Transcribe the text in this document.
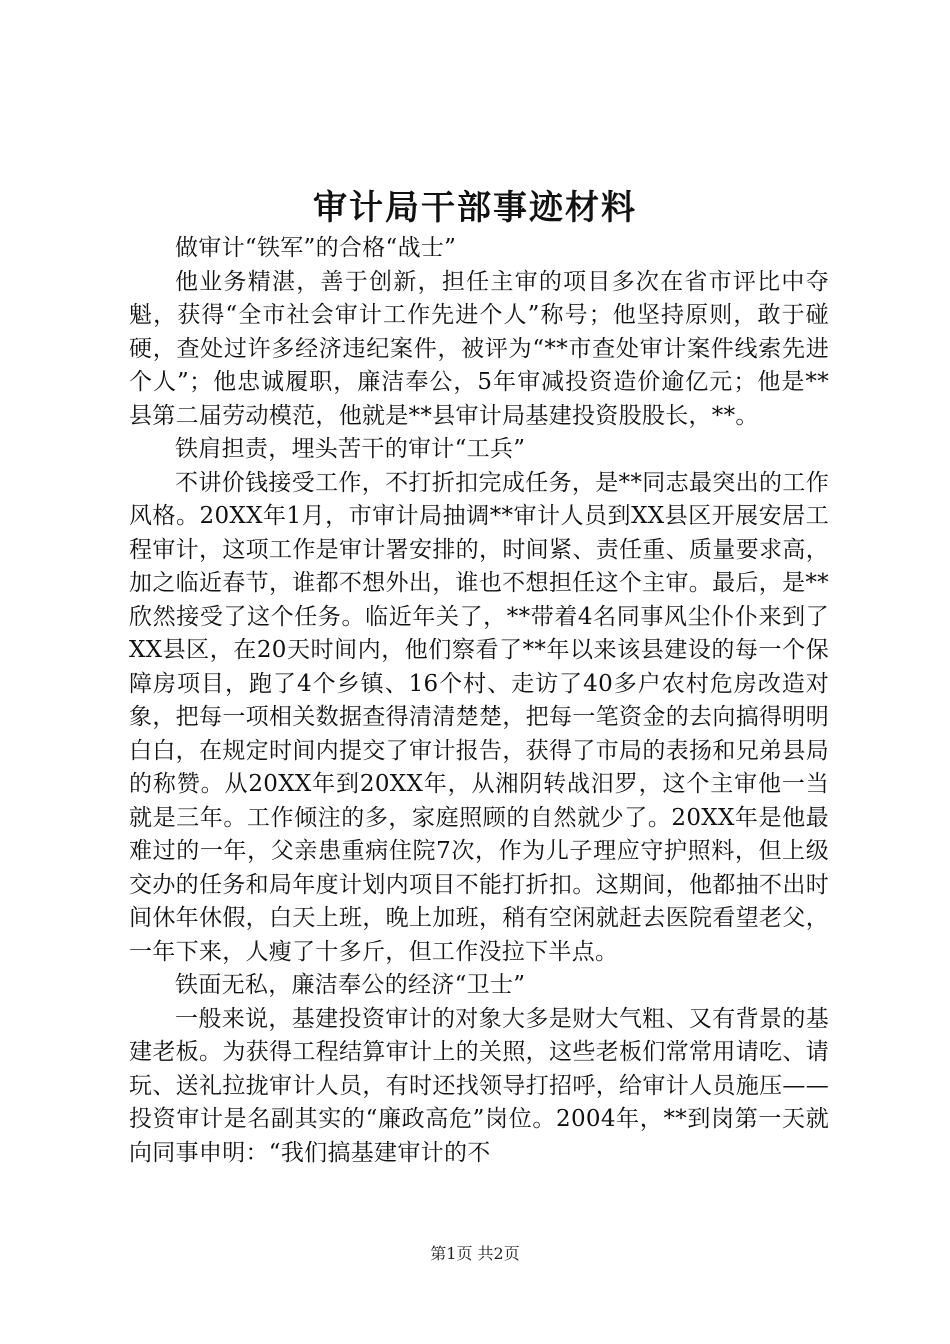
审计局干部事迹材料

做审计“铁军”的合格“战士”

他业务精湛，善于创新，担任主审的项目多次在省市评比中夺魁，获得“全市社会审计工作先进个人”称号；他坚持原则，敢于碰硬，查处过许多经济违纪案件，被评为“**市查处审计案件线索先进个人”；他忠诚履职，廉洁奉公，5年审减投资造价逾亿元；他是**县第二届劳动模范，他就是**县审计局基建投资股股长，**。

铁肩担责，埋头苦干的审计“工兵”

不讲价钱接受工作，不打折扣完成任务，是**同志最突出的工作风格。20XX年1月，市审计局抽调**审计人员到XX县区开展安居工程审计，这项工作是审计署安排的，时间紧、责任重、质量要求高，加之临近春节，谁都不想外出，谁也不想担任这个主审。最后，是**欣然接受了这个任务。临近年关了，**带着4名同事风尘仆仆来到了XX县区，在20天时间内，他们察看了**年以来该县建设的每一个保障房项目，跑了4个乡镇、16个村、走访了40多户农村危房改造对象，把每一项相关数据查得清清楚楚，把每一笔资金的去向搞得明明白白，在规定时间内提交了审计报告，获得了市局的表扬和兄弟县局的称赞。从20XX年到20XX年，从湘阴转战汨罗，这个主审他一当就是三年。工作倾注的多，家庭照顾的自然就少了。20XX年是他最难过的一年，父亲患重病住院7次，作为儿子理应守护照料，但上级交办的任务和局年度计划内项目不能打折扣。这期间，他都抽不出时间休年休假，白天上班，晚上加班，稍有空闲就赶去医院看望老父，一年下来，人瘦了十多斤，但工作没拉下半点。

铁面无私，廉洁奉公的经济“卫士”

一般来说，基建投资审计的对象大多是财大气粗、又有背景的基建老板。为获得工程结算审计上的关照，这些老板们常常用请吃、请玩、送礼拉拢审计人员，有时还找领导打招呼，给审计人员施压——投资审计是名副其实的“廉政高危”岗位。2004年，**到岗第一天就向同事申明：“我们搞基建审计的不

第1页 共2页
